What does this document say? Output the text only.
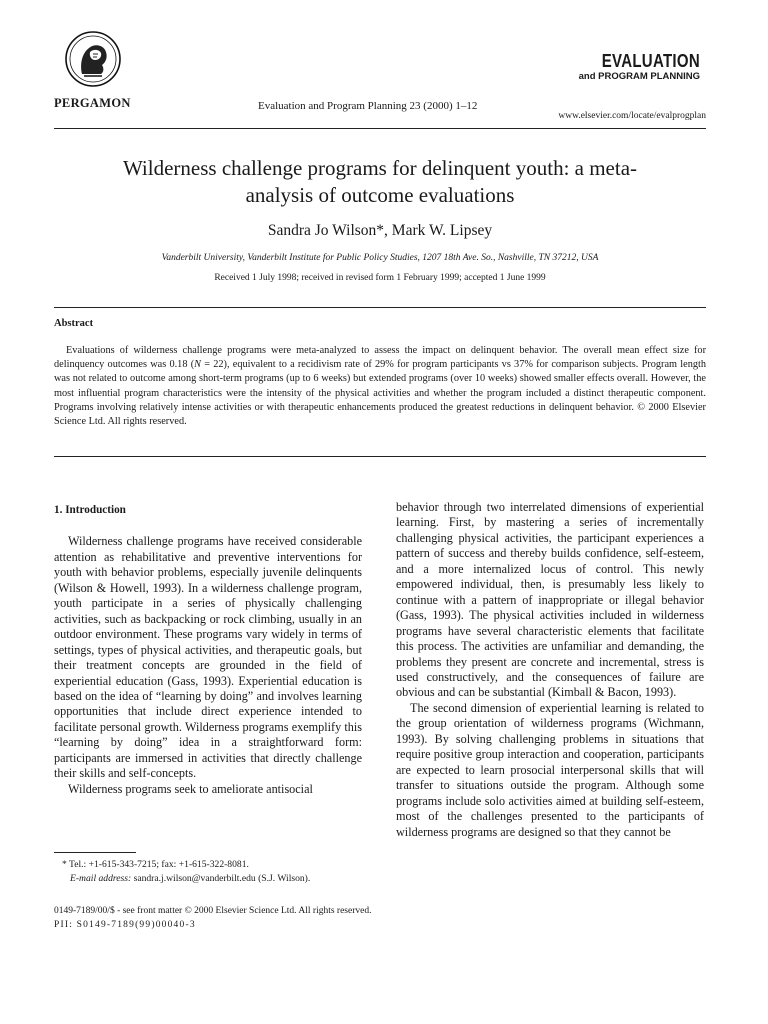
PERGAMON	Evaluation and Program Planning 23 (2000) 1–12
EVALUATION
and PROGRAM PLANNING
www.elsevier.com/locate/evalprogplan
Wilderness challenge programs for delinquent youth: a meta-
analysis of outcome evaluations
Sandra Jo Wilson*, Mark W. Lipsey
Vanderbilt University, Vanderbilt Institute for Public Policy Studies, 1207 18th Ave. So., Nashville, TN 37212, USA
Received 1 July 1998; received in revised form 1 February 1999; accepted 1 June 1999
Abstract

Evaluations of wilderness challenge programs were meta-analyzed to assess the impact on delinquent behavior. The overall mean effect size for delinquency outcomes was 0.18 (N = 22), equivalent to a recidivism rate of 29% for program participants vs 37% for comparison subjects. Program length was not related to outcome among short-term programs (up to 6 weeks) but extended programs (over 10 weeks) showed smaller effects overall. However, the most influential program characteristics were the intensity of the physical activities and whether the program included a distinct therapeutic component. Programs involving relatively intense activities or with therapeutic enhancements produced the greatest reductions in delinquent behavior. © 2000 Elsevier Science Ltd. All rights reserved.

1. Introduction

Wilderness challenge programs have received considerable attention as rehabilitative and preventive interventions for youth with behavior problems, especially juvenile delinquents (Wilson & Howell, 1993). In a wilderness challenge program, youth participate in a series of physically challenging activities, such as backpacking or rock climbing, usually in an outdoor environment. These programs vary widely in terms of settings, types of physical activities, and therapeutic goals, but their treatment concepts are grounded in the field of experiential education (Gass, 1993). Experiential education is based on the idea of “learning by doing” and involves learning opportunities that include direct experience intended to facilitate personal growth. Wilderness programs exemplify this “learning by doing” idea in a straightforward form: participants are immersed in activities that directly challenge their skills and self-concepts.

Wilderness programs seek to ameliorate antisocial

behavior through two interrelated dimensions of experiential learning. First, by mastering a series of incrementally challenging physical activities, the participant experiences a pattern of success and thereby builds confidence, self-esteem, and a more internalized locus of control. This newly empowered individual, then, is presumably less likely to continue with a pattern of inappropriate or illegal behavior (Gass, 1993). The physical activities included in wilderness programs have several characteristic elements that facilitate this process. The activities are unfamiliar and demanding, the problems they present are concrete and incremental, stress is used constructively, and the consequences of failure are obvious and can be substantial (Kimball & Bacon, 1993).

The second dimension of experiential learning is related to the group orientation of wilderness programs (Wichmann, 1993). By solving challenging problems in situations that require positive group interaction and cooperation, participants are expected to learn prosocial interpersonal skills that will transfer to situations outside the program. Although some programs include solo activities aimed at building self-esteem, most of the challenges presented to the participants of wilderness programs are designed so that they cannot be

* Tel.: +1-615-343-7215; fax: +1-615-322-8081.
E-mail address: sandra.j.wilson@vanderbilt.edu (S.J. Wilson).
0149-7189/00/$ - see front matter © 2000 Elsevier Science Ltd. All rights reserved.
PII: S0149-7189(99)00040-3
